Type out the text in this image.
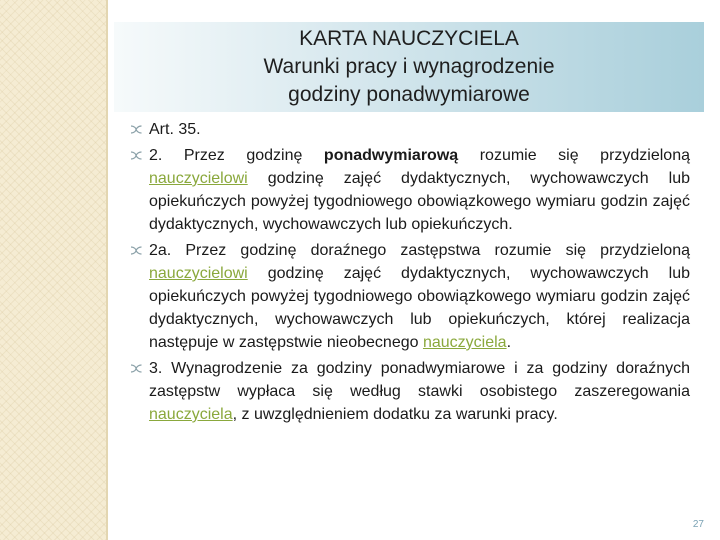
KARTA NAUCZYCIELA
Warunki pracy i wynagrodzenie
godziny ponadwymiarowe
Art. 35.
2. Przez godzinę ponadwymiarową rozumie się przydzieloną nauczycielowi godzinę zajęć dydaktycznych, wychowawczych lub opiekuńczych powyżej tygodniowego obowiązkowego wymiaru godzin zajęć dydaktycznych, wychowawczych lub opiekuńczych.
2a. Przez godzinę doraźnego zastępstwa rozumie się przydzieloną nauczycielowi godzinę zajęć dydaktycznych, wychowawczych lub opiekuńczych powyżej tygodniowego obowiązkowego wymiaru godzin zajęć dydaktycznych, wychowawczych lub opiekuńczych, której realizacja następuje w zastępstwie nieobecnego nauczyciela.
3. Wynagrodzenie za godziny ponadwymiarowe i za godziny doraźnych zastępstw wypłaca się według stawki osobistego zaszeregowania nauczyciela, z uwzględnieniem dodatku za warunki pracy.
27
